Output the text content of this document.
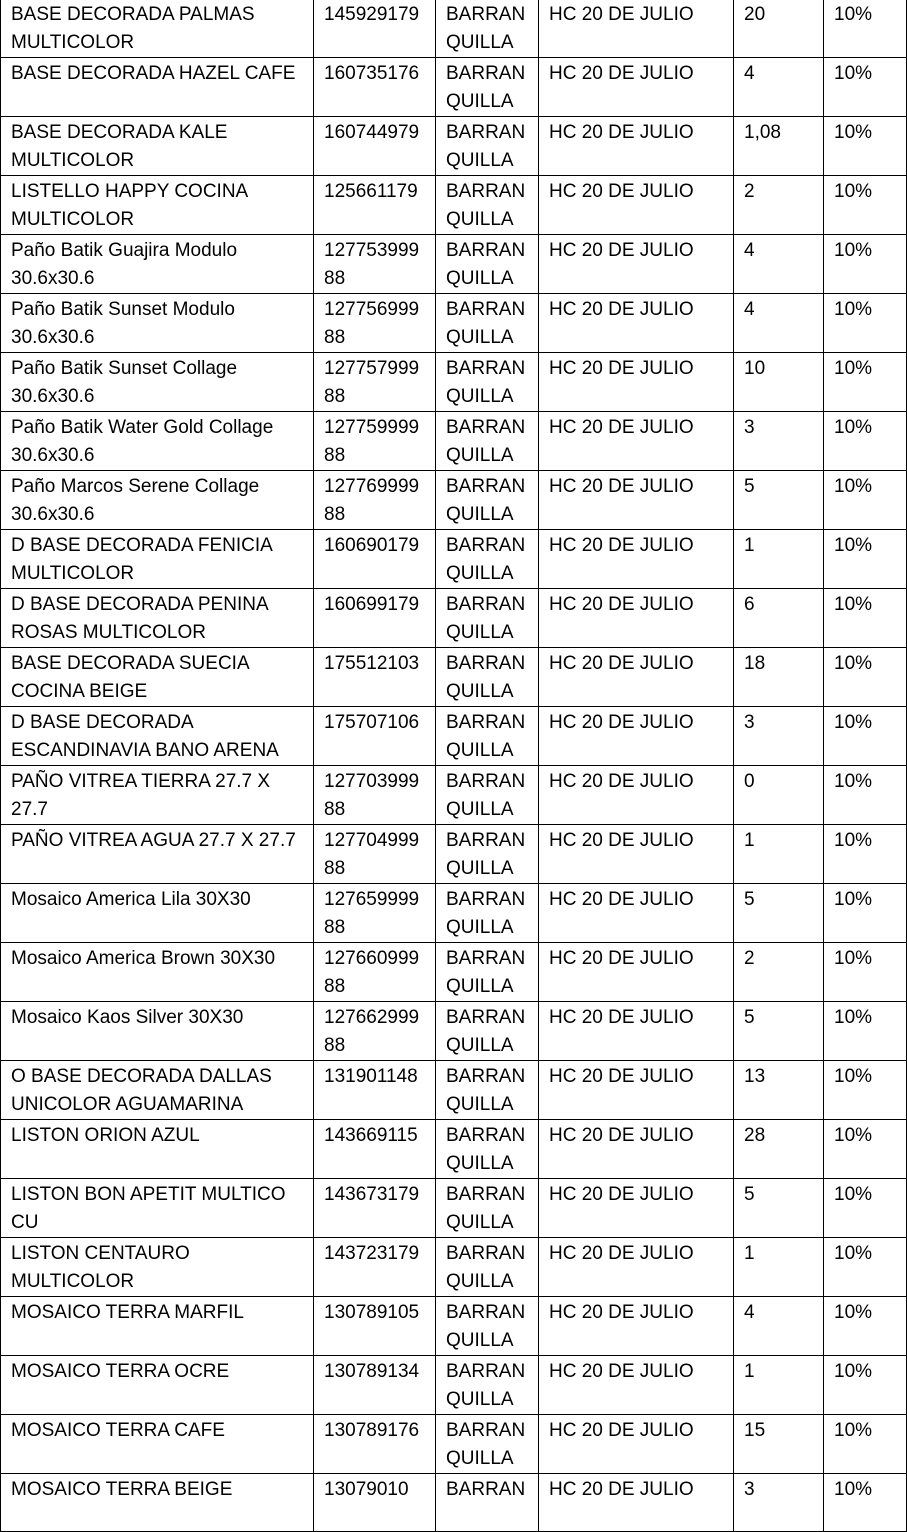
BASE DECORADA PALMAS MULTICOLOR	145929179	BARRAN QUILLA	HC 20 DE JULIO	20	10%
BASE DECORADA HAZEL CAFE	160735176	BARRAN QUILLA	HC 20 DE JULIO	4	10%
BASE DECORADA KALE MULTICOLOR	160744979	BARRAN QUILLA	HC 20 DE JULIO	1,08	10%
LISTELLO HAPPY COCINA MULTICOLOR	125661179	BARRAN QUILLA	HC 20 DE JULIO	2	10%
Paño Batik Guajira Modulo 30.6x30.6	12775399988	BARRAN QUILLA	HC 20 DE JULIO	4	10%
Paño Batik Sunset Modulo 30.6x30.6	12775699988	BARRAN QUILLA	HC 20 DE JULIO	4	10%
Paño Batik Sunset Collage 30.6x30.6	12775799988	BARRAN QUILLA	HC 20 DE JULIO	10	10%
Paño Batik Water Gold Collage 30.6x30.6	12775999988	BARRAN QUILLA	HC 20 DE JULIO	3	10%
Paño Marcos Serene Collage 30.6x30.6	12776999988	BARRAN QUILLA	HC 20 DE JULIO	5	10%
D BASE DECORADA FENICIA MULTICOLOR	160690179	BARRAN QUILLA	HC 20 DE JULIO	1	10%
D BASE DECORADA PENINA ROSAS MULTICOLOR	160699179	BARRAN QUILLA	HC 20 DE JULIO	6	10%
BASE DECORADA SUECIA COCINA BEIGE	175512103	BARRAN QUILLA	HC 20 DE JULIO	18	10%
D BASE DECORADA ESCANDINAVIA BANO ARENA	175707106	BARRAN QUILLA	HC 20 DE JULIO	3	10%
PAÑO VITREA TIERRA 27.7 X 27.7	12770399988	BARRAN QUILLA	HC 20 DE JULIO	0	10%
PAÑO VITREA AGUA 27.7 X 27.7	12770499988	BARRAN QUILLA	HC 20 DE JULIO	1	10%
Mosaico America Lila 30X30	12765999988	BARRAN QUILLA	HC 20 DE JULIO	5	10%
Mosaico America Brown 30X30	12766099988	BARRAN QUILLA	HC 20 DE JULIO	2	10%
Mosaico Kaos Silver 30X30	12766299988	BARRAN QUILLA	HC 20 DE JULIO	5	10%
O BASE DECORADA DALLAS UNICOLOR AGUAMARINA	131901148	BARRAN QUILLA	HC 20 DE JULIO	13	10%
LISTON ORION AZUL	143669115	BARRAN QUILLA	HC 20 DE JULIO	28	10%
LISTON BON APETIT MULTICO CU	143673179	BARRAN QUILLA	HC 20 DE JULIO	5	10%
LISTON CENTAURO MULTICOLOR	143723179	BARRAN QUILLA	HC 20 DE JULIO	1	10%
MOSAICO TERRA MARFIL	130789105	BARRAN QUILLA	HC 20 DE JULIO	4	10%
MOSAICO TERRA OCRE	130789134	BARRAN QUILLA	HC 20 DE JULIO	1	10%
MOSAICO TERRA CAFE	130789176	BARRAN QUILLA	HC 20 DE JULIO	15	10%
MOSAICO TERRA BEIGE	13079010	BARRAN	HC 20 DE JULIO	3	10%
